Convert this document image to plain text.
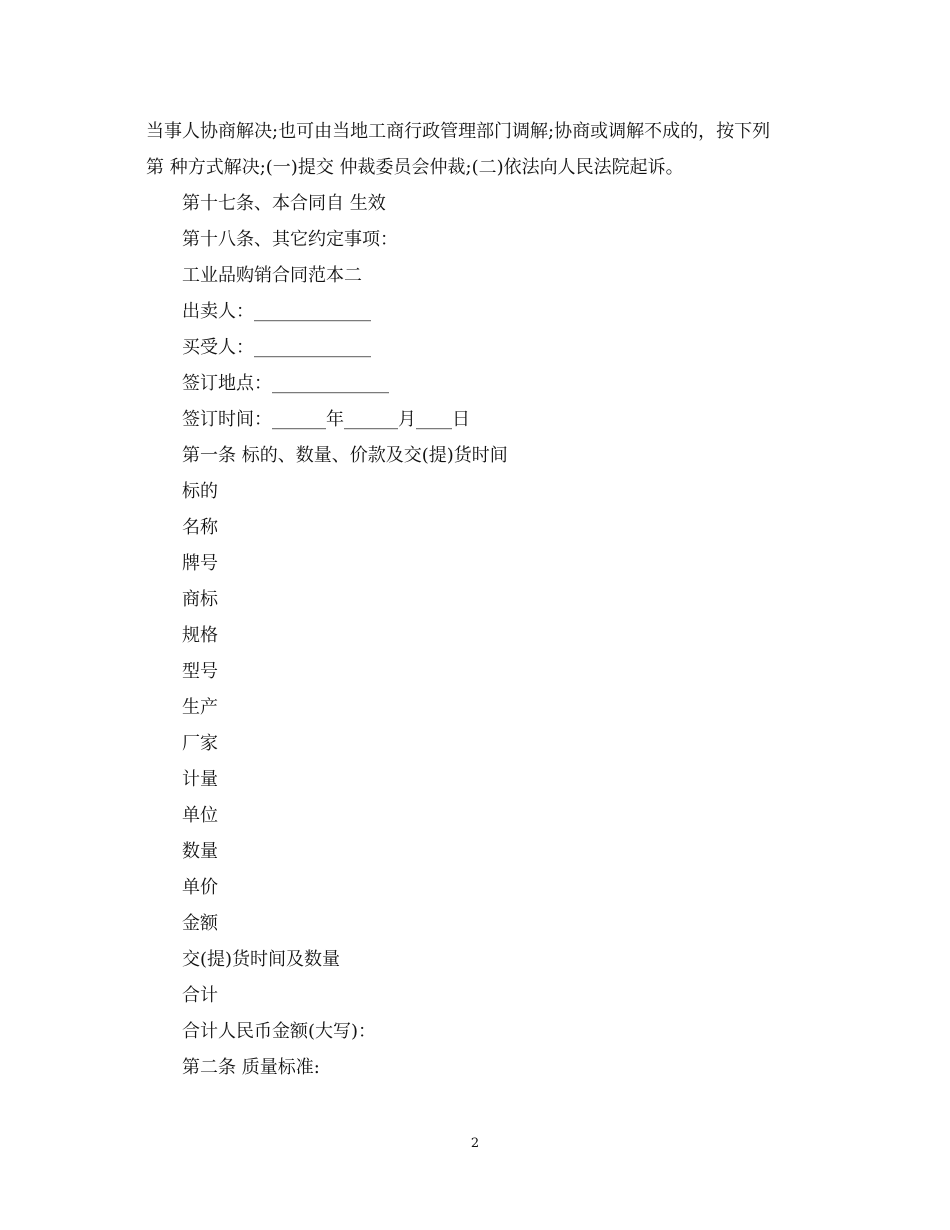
当事人协商解决;也可由当地工商行政管理部门调解;协商或调解不成的，按下列
第 种方式解决;(一)提交 仲裁委员会仲裁;(二)依法向人民法院起诉。
第十七条、本合同自 生效
第十八条、其它约定事项：
工业品购销合同范本二
出卖人：_____________
买受人：_____________
签订地点：_____________
签订时间：______年______月____日
第一条 标的、数量、价款及交(提)货时间
标的
名称
牌号
商标
规格
型号
生产
厂家
计量
单位
数量
单价
金额
交(提)货时间及数量
合计
合计人民币金额(大写)：
第二条 质量标准:
2
